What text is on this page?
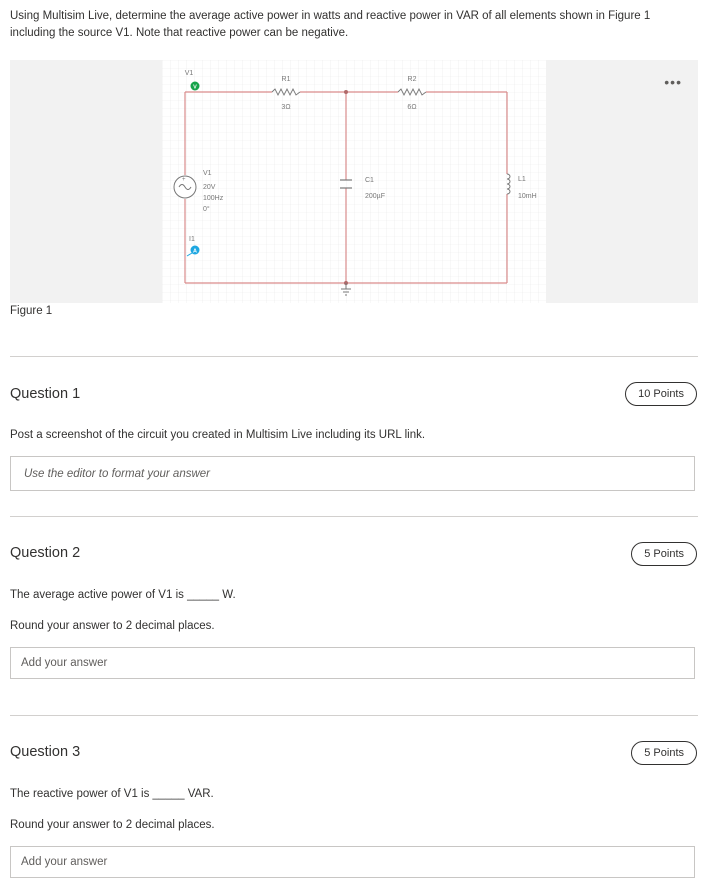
Using Multisim Live, determine the average active power in watts and reactive power in VAR of all elements shown in Figure 1
including the source V1. Note that reactive power can be negative.
V1
V
R1
3Ω
R2
6Ω
+
V1
20V
100Hz
0°
I1
A
C1
200µF
L1
10mH
•••
Figure 1
Question 1	10 Points
Post a screenshot of the circuit you created in Multisim Live including its URL link.
Use the editor to format your answer
Question 2	5 Points
The average active power of V1 is _____ W.
Round your answer to 2 decimal places.
Add your answer
Question 3	5 Points
The reactive power of V1 is _____ VAR.
Round your answer to 2 decimal places.
Add your answer
